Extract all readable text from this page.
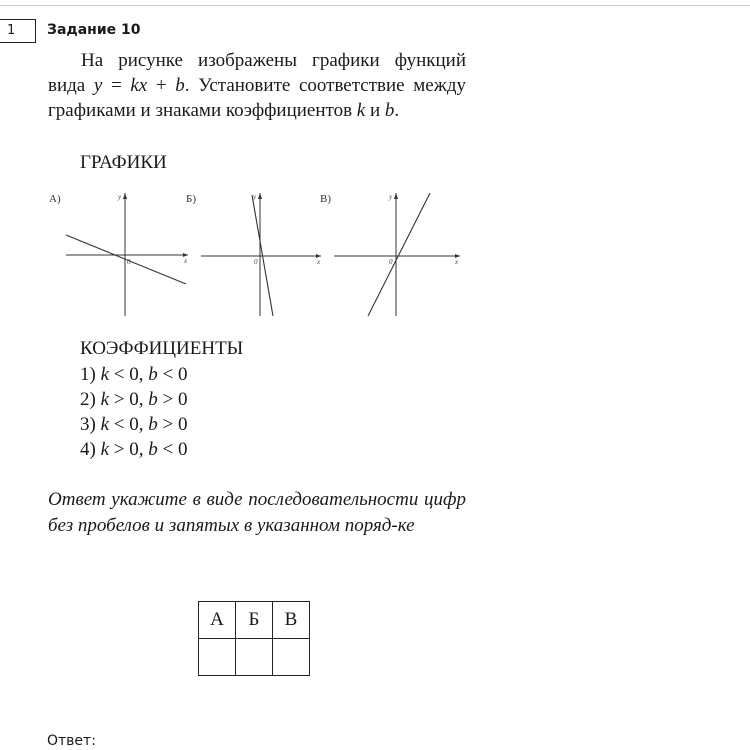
1	Задание 10

На рисунке изображены графики функций вида y = kx + b. Установите соответствие между графиками и знаками коэффициентов k и b.

ГРАФИКИ
А)	y
x
0
Б)	y
x
0
В)	y
x
0
КОЭФФИЦИЕНТЫ
1) k < 0, b < 0
2) k > 0, b > 0
3) k < 0, b > 0
4) k > 0, b < 0
Ответ укажите в виде последовательности цифр без пробелов и запятых в указанном поряд-ке
А	Б	В

Ответ:
